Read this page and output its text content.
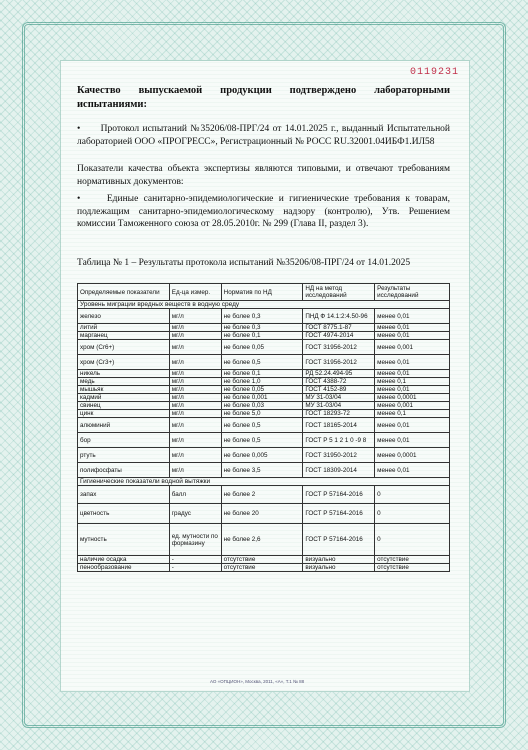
0119231
Качество выпускаемой продукции подтверждено лабораторными испытаниями:
•      Протокол испытаний №35206/08-ПРГ/24 от 14.01.2025 г., выданный Испытательной лабораторией ООО «ПРОГРЕСС», Регистрационный № РОСС RU.32001.04ИБФ1.ИЛ58
Показатели качества объекта экспертизы являются типовыми, и отвечают требованиям нормативных документов:
•     Единые санитарно-эпидемиологические и гигиенические требования к товарам, подлежащим санитарно-эпидемиологическому надзору (контролю), Утв. Решением комиссии Таможенного союза от 28.05.2010г. № 299 (Глава II, раздел 3).
Таблица № 1 – Результаты протокола испытаний №35206/08-ПРГ/24 от 14.01.2025
Определяемые показатели	Ед-ца измер.	Норматив по НД	НД на метод исследований	Результаты исследований
Уровень миграции вредных веществ в водную среду				
железо	мг/л	не более 0,3	ПНД Ф 14.1:2:4.50-96	менее 0,01
литий	мг/л	не более 0,3	ГОСТ 8775.1-87	менее 0,01
марганец	мг/л	не более 0,1	ГОСТ 4974-2014	менее 0,01
хром (Cr6+)	мг/л	не более 0,05	ГОСТ 31956-2012	менее 0,001
хром (Cr3+)	мг/л	не более 0,5	ГОСТ 31956-2012	менее 0,01
никель	мг/л	не более 0,1	РД 52.24.494-95	менее 0,01
медь	мг/л	не более 1,0	ГОСТ 4388-72	менее 0,1
мышьяк	мг/л	не более 0,05	ГОСТ 4152-89	менее 0,01
кадмий	мг/л	не более 0,001	МУ 31-03/04	менее 0,0001
свинец	мг/л	не более 0,03	МУ 31-03/04	менее 0,001
цинк	мг/л	не более 5,0	ГОСТ 18293-72	менее 0,1
алюминий	мг/л	не более 0,5	ГОСТ 18165-2014	менее 0,01
бор	мг/л	не более 0,5	ГОСТ Р 5 1 2 1 0 -9 8	менее 0,01
ртуть	мг/л	не более 0,005	ГОСТ 31950-2012	менее 0,0001
полифосфаты	мг/л	не более 3,5	ГОСТ 18309-2014	менее 0,01
Гигиенические показатели водной вытяжки				
запах	балл	не более 2	ГОСТ Р 57164-2016	0
цветность	градус	не более 20	ГОСТ Р 57164-2016	0
мутность	ед. мутности по формазину	не более 2,6	ГОСТ Р 57164-2016	0
наличие осадка	-	отсутствие	визуально	отсутствие
пенообразование	-	отсутствие	визуально	отсутствие
АО «ОПЦИОН», Москва, 2011, «А», Т.1 № 88
